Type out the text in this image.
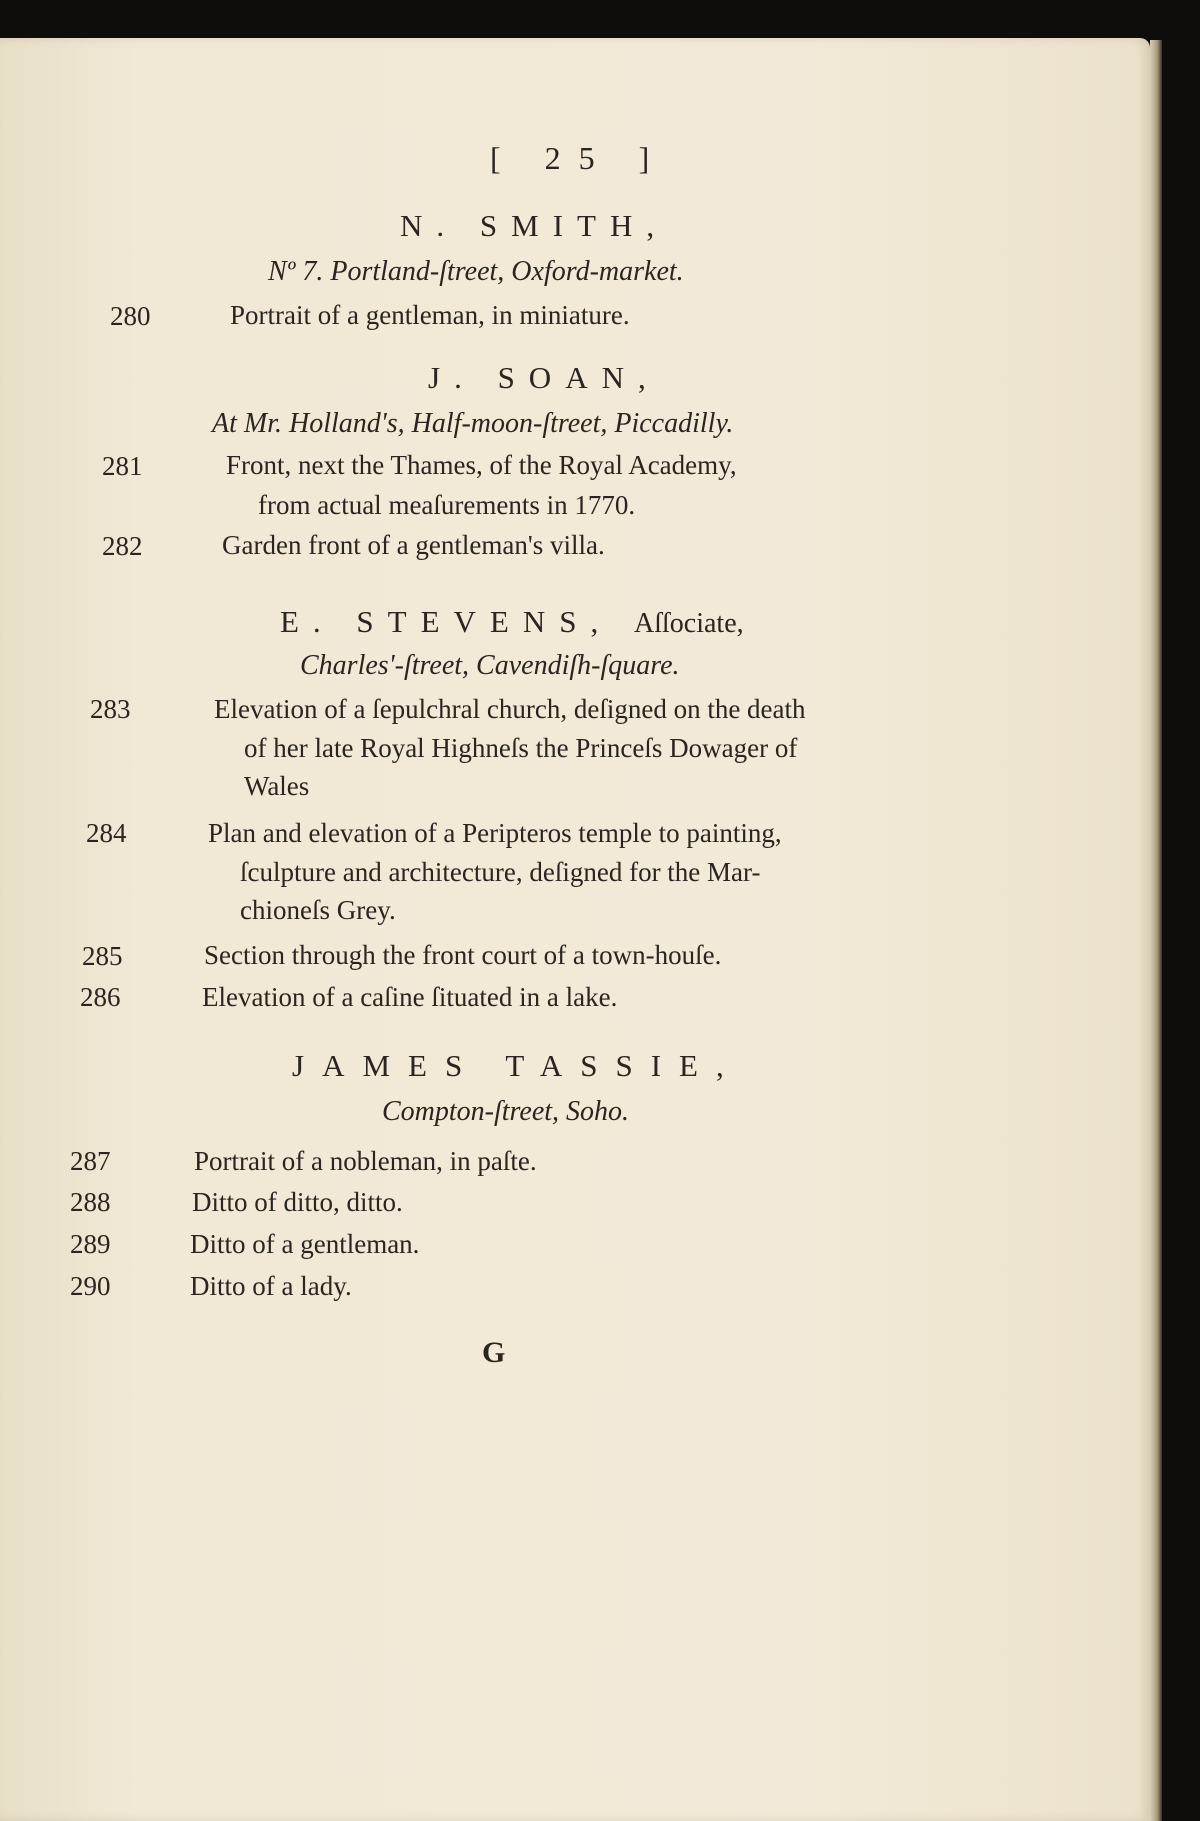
[ 25 ]
N. SMITH,
Nº 7. Portland-ſtreet, Oxford-market.
280	Portrait of a gentleman, in miniature.
J. SOAN,
At Mr. Holland's, Half-moon-ſtreet, Piccadilly.
281	Front, next the Thames, of the Royal Academy,
from actual meaſurements in 1770.
282	Garden front of a gentleman's villa.
E. STEVENS, Aſſociate,
Charles'-ſtreet, Cavendiſh-ſquare.
283	Elevation of a ſepulchral church, deſigned on the death
of her late Royal Highneſs the Princeſs Dowager of
Wales
284	Plan and elevation of a Peripteros temple to painting,
ſculpture and architecture, deſigned for the Mar-
chioneſs Grey.
285	Section through the front court of a town-houſe.
286	Elevation of a caſine ſituated in a lake.
JAMES TASSIE,
Compton-ſtreet, Soho.
287	Portrait of a nobleman, in paſte.
288	Ditto of ditto, ditto.
289	Ditto of a gentleman.
290	Ditto of a lady.
G
